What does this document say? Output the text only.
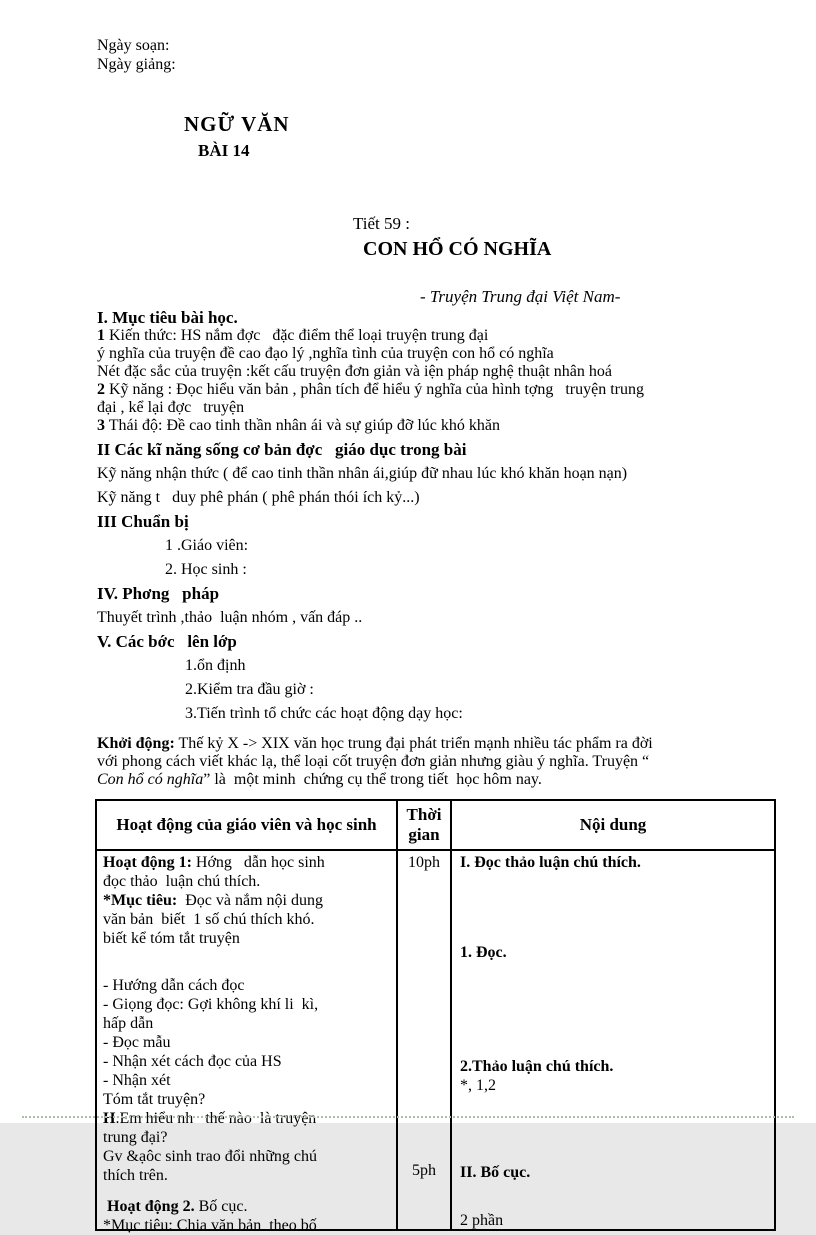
Ngày soạn:
Ngày giảng:

NGỮ VĂN
BÀI 14

Tiết 59 :
CON HỔ CÓ NGHĨA

- Truyện Trung đại Việt Nam-
I. Mục tiêu bài học.
1 Kiến thức: HS nắm đợc   đặc điểm thể loại truyện trung đại
ý nghĩa của truyện đề cao đạo lý ,nghĩa tình của truyện con hổ có nghĩa
Nét đặc sắc của truyện :kết cấu truyện đơn giản và iện pháp nghệ thuật nhân hoá
2 Kỹ năng : Đọc hiểu văn bản , phân tích để hiểu ý nghĩa của hình tợng   truyện trung
đại , kể lại đợc   truyện
3 Thái độ: Đề cao tinh thần nhân ái và sự giúp đỡ lúc khó khăn
II Các kĩ năng sống cơ bản đợc   giáo dục trong bài
Kỹ năng nhận thức ( để cao tinh thần nhân ái,giúp đữ nhau lúc khó khăn hoạn nạn)
Kỹ năng t   duy phê phán ( phê phán thói ích kỷ...)
III Chuẩn bị
1 .Giáo viên:
2. Học sinh :
IV. Phơng   pháp
Thuyết trình ,thảo  luận nhóm , vấn đáp ..
V. Các bớc   lên lớp
1.ổn định
2.Kiểm tra đầu giờ :
3.Tiến trình tổ chức các hoạt động dạy học:
Khởi động: Thế kỷ X -> XIX văn học trung đại phát triển mạnh nhiều tác phẩm ra đời
với phong cách viết khác lạ, thể loại cốt truyện đơn giản nhưng giàu ý nghĩa. Truyện “
Con hổ có nghĩa” là  một minh  chứng cụ thể trong tiết  học hôm nay.
Hoạt động của giáo viên và học sinh
Thời gian
Nội dung
Hoạt động 1: Hớng   dẫn học sinh
đọc thảo  luận chú thích.
*Mục tiêu:  Đọc và nắm nội dung
văn bản  biết  1 số chú thích khó.
biết kể tóm tắt truyện
- Hướng dẫn cách đọc
- Giọng đọc: Gợi không khí li  kì,
hấp dẫn
- Đọc mẫu
- Nhận xét cách đọc của HS
- Nhận xét
Tóm tắt truyện?
H.Em hiểu nh   thế nào  là truyện
trung đại?
Gv &ạôc sinh trao đổi những chú
thích trên.
Hoạt động 2. Bố cục.
*Mục tiêu: Chia văn bản  theo bố
10ph
5ph
I. Đọc thảo luận chú thích.
1. Đọc.
2.Thảo luận chú thích.
*, 1,2
II. Bố cục.
2 phần
